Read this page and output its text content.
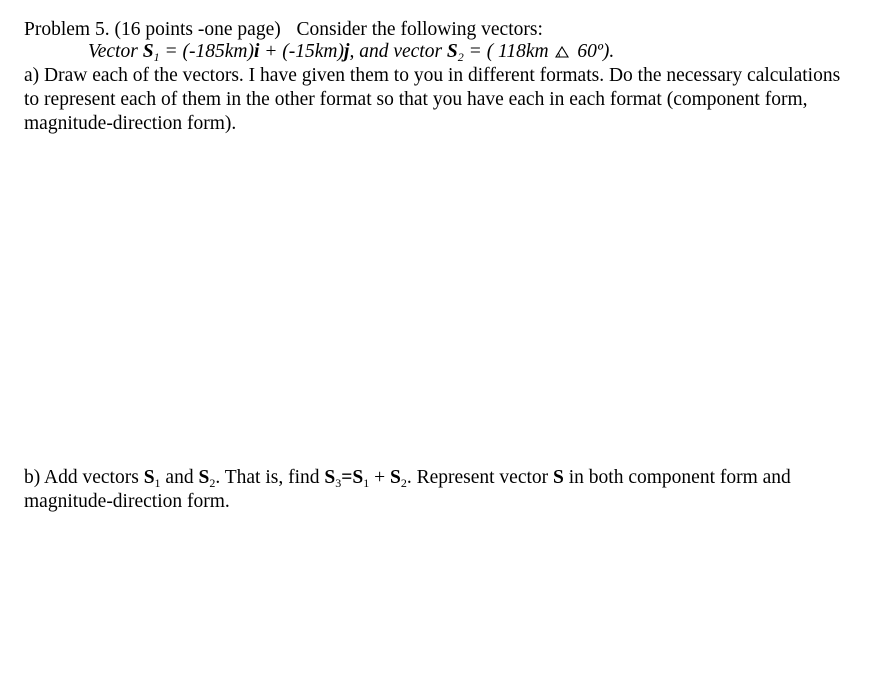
Problem 5. (16 points -one page) Consider the following vectors:
Vector $S_1 = (-185km)i + (-15km)j$, and vector $S_2$ = ( 118km 60º).
a) Draw each of the vectors. I have given them to you in different formats. Do the necessary calculations
to represent each of them in the other format so that you have each in each format (component form,
magnitude-direction form).
b) Add vectors $S_1$ and $S_2$. That is, find $S_3=S_1 + S_2$. Represent vector S in both component form and
magnitude-direction form.
